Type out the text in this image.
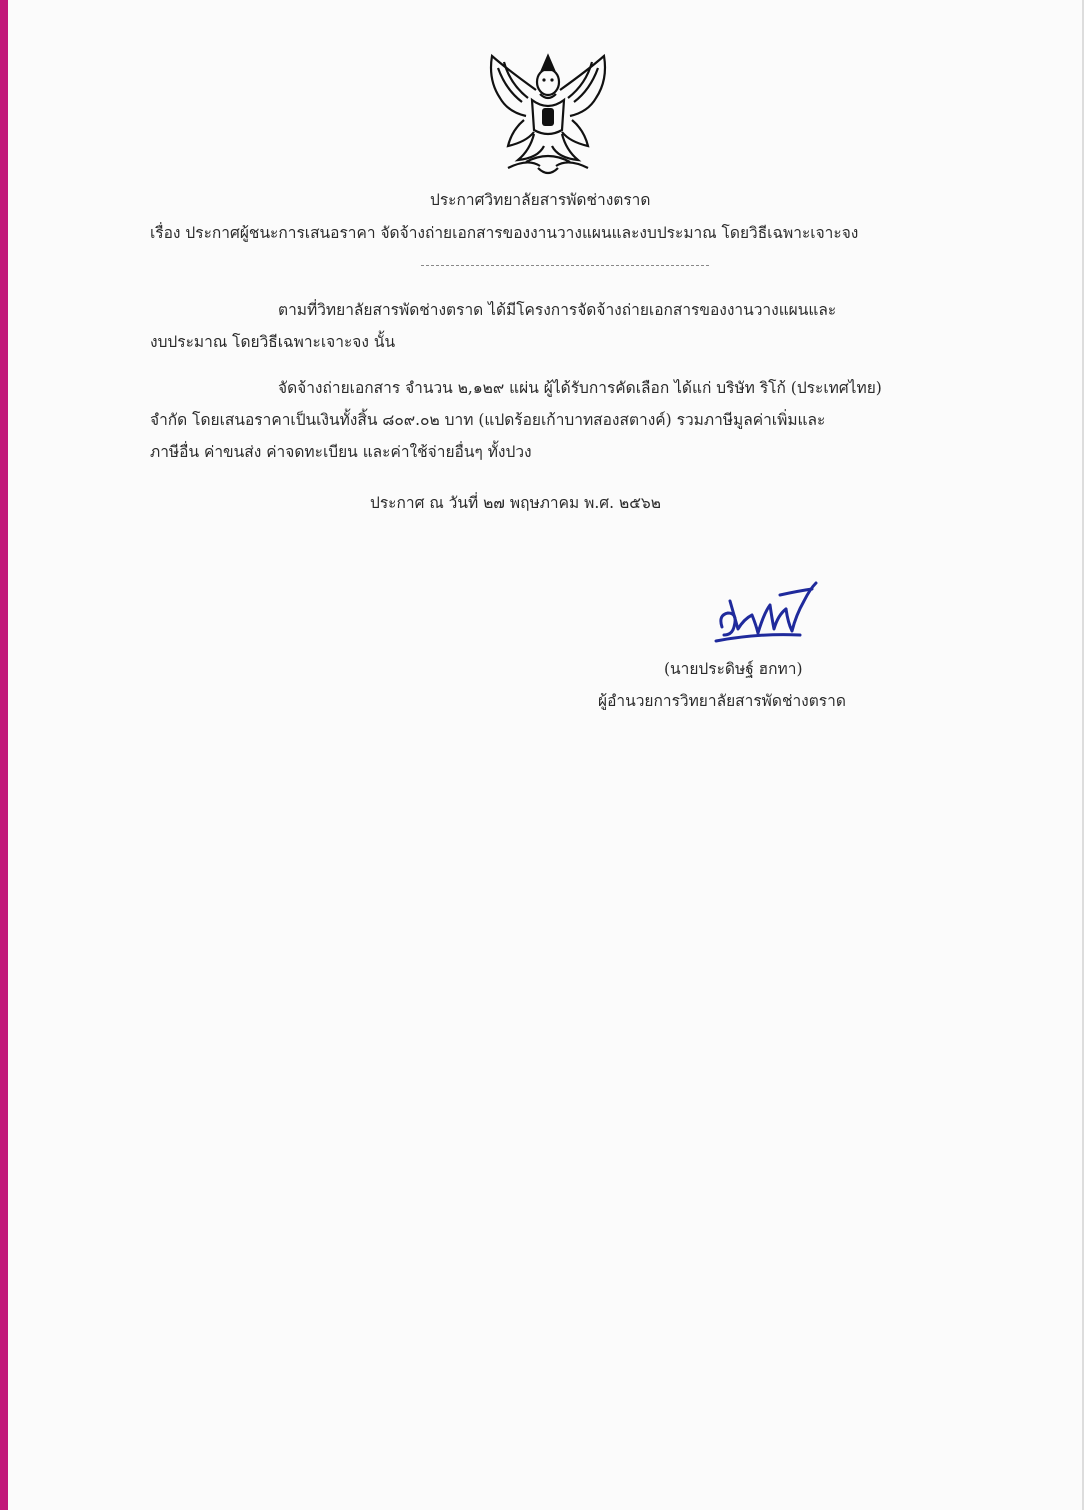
ประกาศวิทยาลัยสารพัดช่างตราด
เรื่อง ประกาศผู้ชนะการเสนอราคา จัดจ้างถ่ายเอกสารของงานวางแผนและงบประมาณ โดยวิธีเฉพาะเจาะจง
ตามที่วิทยาลัยสารพัดช่างตราด ได้มีโครงการจัดจ้างถ่ายเอกสารของงานวางแผนและ
งบประมาณ โดยวิธีเฉพาะเจาะจง นั้น
จัดจ้างถ่ายเอกสาร จำนวน ๒,๑๒๙ แผ่น ผู้ได้รับการคัดเลือก ได้แก่ บริษัท ริโก้ (ประเทศไทย)
จำกัด โดยเสนอราคาเป็นเงินทั้งสิ้น ๘๐๙.๐๒ บาท (แปดร้อยเก้าบาทสองสตางค์) รวมภาษีมูลค่าเพิ่มและ
ภาษีอื่น ค่าขนส่ง ค่าจดทะเบียน และค่าใช้จ่ายอื่นๆ ทั้งปวง
ประกาศ ณ วันที่ ๒๗ พฤษภาคม พ.ศ. ๒๕๖๒
(นายประดิษฐ์ ฮกทา)
ผู้อำนวยการวิทยาลัยสารพัดช่างตราด
